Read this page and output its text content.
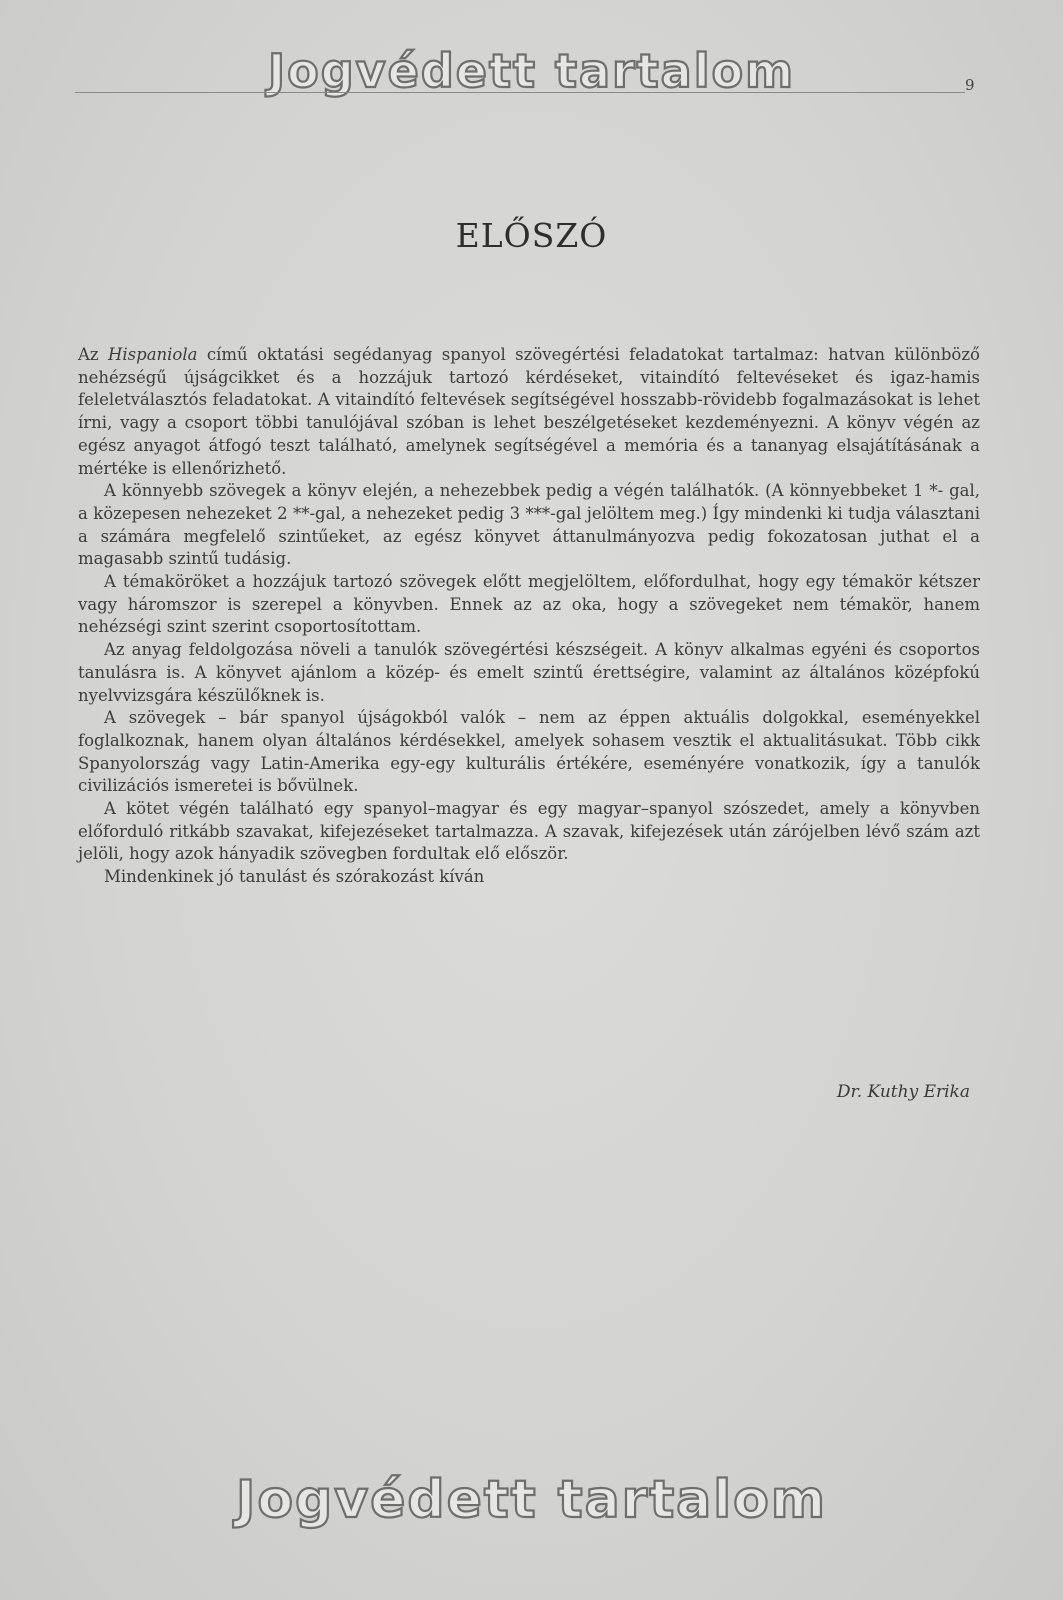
Jogvédett tartalom	9
ELŐSZÓ

Az Hispaniola című oktatási segédanyag spanyol szövegértési feladatokat tartalmaz: hatvan különböző nehézségű újságcikket és a hozzájuk tartozó kérdéseket, vitaindító feltevéseket és igaz-hamis feleletválasztós feladatokat. A vitaindító feltevések segítségével hosszabb-rövidebb fogalmazásokat is lehet írni, vagy a csoport többi tanulójával szóban is lehet beszélgetéseket kezdeményezni. A könyv végén az egész anyagot átfogó teszt található, amelynek segítségével a memória és a tananyag elsajátításának a mértéke is ellenőrizhető.

A könnyebb szövegek a könyv elején, a nehezebbek pedig a végén találhatók. (A könnyebbeket 1 *- gal, a közepesen nehezeket 2 **-gal, a nehezeket pedig 3 ***-gal jelöltem meg.) Így mindenki ki tudja választani a számára megfelelő szintűeket, az egész könyvet áttanulmányozva pedig fokozatosan juthat el a magasabb szintű tudásig.

A témaköröket a hozzájuk tartozó szövegek előtt megjelöltem, előfordulhat, hogy egy témakör kétszer vagy háromszor is szerepel a könyvben. Ennek az az oka, hogy a szövegeket nem témakör, hanem nehézségi szint szerint csoportosítottam.

Az anyag feldolgozása növeli a tanulók szövegértési készségeit. A könyv alkalmas egyéni és csoportos tanulásra is. A könyvet ajánlom a közép- és emelt szintű érettségire, valamint az általános középfokú nyelvvizsgára készülőknek is.

A szövegek – bár spanyol újságokból valók – nem az éppen aktuális dolgokkal, eseményekkel foglalkoznak, hanem olyan általános kérdésekkel, amelyek sohasem vesztik el aktualitásukat. Több cikk Spanyolország vagy Latin-Amerika egy-egy kulturális értékére, eseményére vonatkozik, így a tanulók civilizációs ismeretei is bővülnek.

A kötet végén található egy spanyol–magyar és egy magyar–spanyol szószedet, amely a könyvben előforduló ritkább szavakat, kifejezéseket tartalmazza. A szavak, kifejezések után zárójelben lévő szám azt jelöli, hogy azok hányadik szövegben fordultak elő először.

Mindenkinek jó tanulást és szórakozást kíván

Dr. Kuthy Erika
Jogvédett tartalom
